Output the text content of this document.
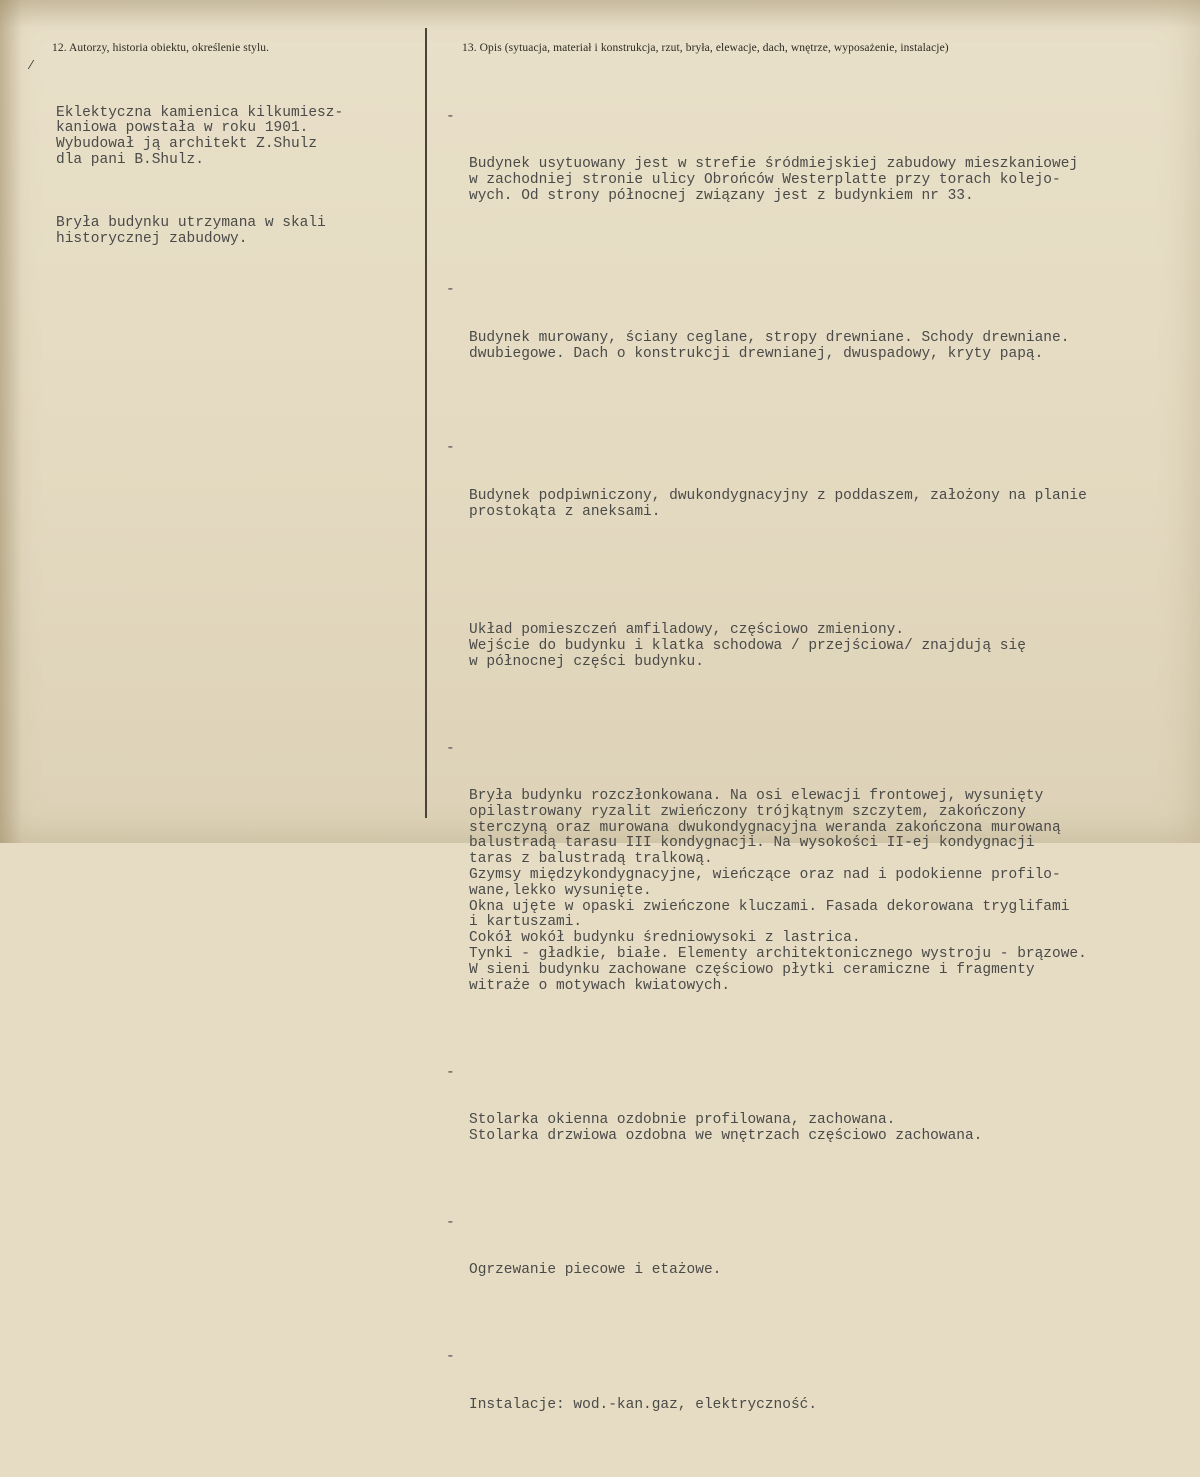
⁄
12. Autorzy, historia obiektu, określenie stylu.	13. Opis (sytuacja, materiał i konstrukcja, rzut, bryła, elewacje, dach, wnętrze, wyposażenie, instalacje)

Eklektyczna kamienica kilkumiesz-
kaniowa powstała w roku 1901.
Wybudował ją architekt Z.Shulz
dla pani B.Shulz.

Bryła budynku utrzymana w skali
historycznej zabudowy.

-

Budynek usytuowany jest w strefie śródmiejskiej zabudowy mieszkaniowej
w zachodniej stronie ulicy Obrońców Westerplatte przy torach kolejo-
wych. Od strony północnej związany jest z budynkiem nr 33.

-

Budynek murowany, ściany ceglane, stropy drewniane. Schody drewniane.
dwubiegowe. Dach o konstrukcji drewnianej, dwuspadowy, kryty papą.

-

Budynek podpiwniczony, dwukondygnacyjny z poddaszem, założony na planie
prostokąta z aneksami.

Układ pomieszczeń amfiladowy, częściowo zmieniony.
Wejście do budynku i klatka schodowa / przejściowa/ znajdują się
w północnej części budynku.

-

Bryła budynku rozczłonkowana. Na osi elewacji frontowej, wysunięty
opilastrowany ryzalit zwieńczony trójkątnym szczytem, zakończony
sterczyną oraz murowana dwukondygnacyjna weranda zakończona murowaną
balustradą tarasu III kondygnacji. Na wysokości II-ej kondygnacji
taras z balustradą tralkową.
Gzymsy międzykondygnacyjne, wieńczące oraz nad i podokienne profilo-
wane,lekko wysunięte.
Okna ujęte w opaski zwieńczone kluczami. Fasada dekorowana tryglifami
i kartuszami.
Cokół wokół budynku średniowysoki z lastrica.
Tynki - gładkie, białe. Elementy architektonicznego wystroju - brązowe.
W sieni budynku zachowane częściowo płytki ceramiczne i fragmenty
witraże o motywach kwiatowych.

-

Stolarka okienna ozdobnie profilowana, zachowana.
Stolarka drzwiowa ozdobna we wnętrzach częściowo zachowana.

-

Ogrzewanie piecowe i etażowe.

-

Instalacje: wod.-kan.gaz, elektryczność.
